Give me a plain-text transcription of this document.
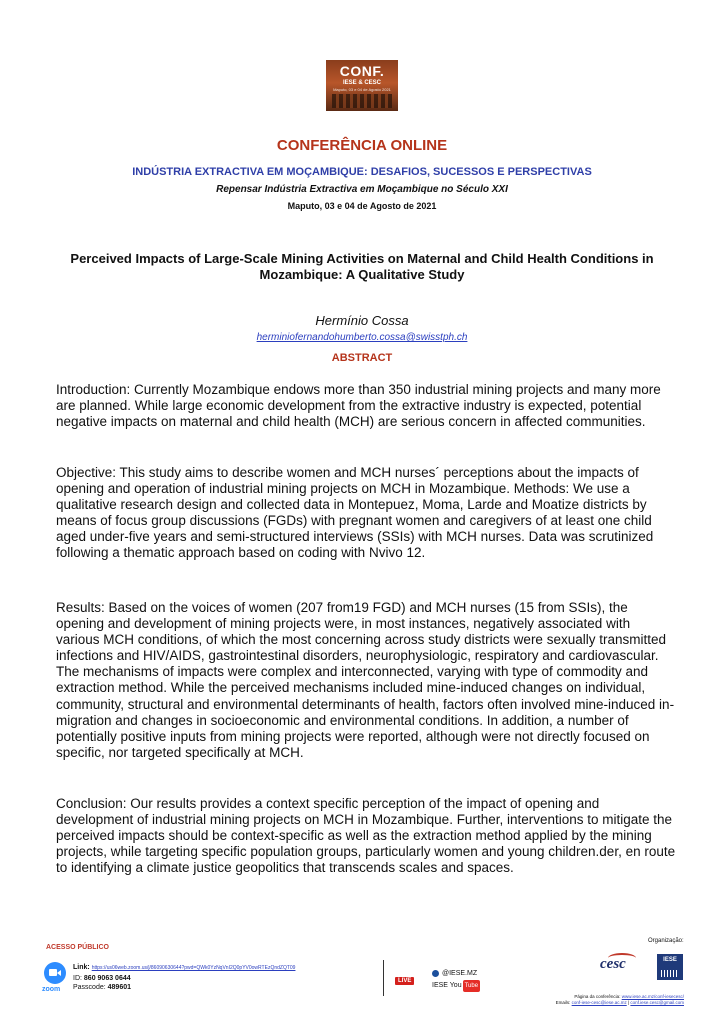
CONF.
IESE & CESC
Maputo, 03 e 04 de Agosto 2021
CONFERÊNCIA ONLINE
INDÚSTRIA EXTRACTIVA EM MOÇAMBIQUE: DESAFIOS, SUCESSOS E PERSPECTIVAS
Repensar Indústria Extractiva em Moçambique no Século XXI
Maputo, 03 e 04 de Agosto de 2021
Perceived Impacts of Large-Scale Mining Activities on Maternal and Child Health Conditions in Mozambique: A Qualitative Study
Hermínio Cossa
herminiofernandohumberto.cossa@swisstph.ch
ABSTRACT
Introduction: Currently Mozambique endows more than 350 industrial mining projects and many more are planned. While large economic development from the extractive industry is expected, potential negative impacts on maternal and child health (MCH) are serious concern in affected communities.
Objective: This study aims to describe women and MCH nurses´ perceptions about the impacts of opening and operation of industrial mining projects on MCH in Mozambique. Methods: We use a qualitative research design and collected data in Montepuez, Moma, Larde and Moatize districts by means of focus group discussions (FGDs) with pregnant women and caregivers of at least one child aged under-five years and semi-structured interviews (SSIs) with MCH nurses. Data was scrutinized following a thematic approach based on coding with Nvivo 12.
Results: Based on the voices of women (207 from19 FGD) and MCH nurses (15 from SSIs), the opening and development of mining projects were, in most instances, negatively associated with various MCH conditions, of which the most concerning across study districts were sexually transmitted infections and HIV/AIDS, gastrointestinal disorders, neurophysiologic, respiratory and cardiovascular. The mechanisms of impacts were complex and interconnected, varying with type of commodity and extraction method. While the perceived mechanisms included mine-induced changes on individual, community, structural and environmental determinants of health, factors often involved mine-induced in-migration and changes in socioeconomic and environmental conditions. In addition, a number of potentially positive inputs from mining projects were reported, although were not directly focused on specific, nor targeted specifically at MCH.
Conclusion: Our results provides a context specific perception of the impact of opening and development of industrial mining projects on MCH in Mozambique. Further, interventions to mitigate the perceived impacts should be context-specific as well as the extraction method applied by the mining projects, while targeting specific population groups, particularly women and young children.der, en route to identifying a climate justice geopolitics that transcends scales and spaces.
ACESSO PÚBLICO
zoom
Link: https://us06web.zoom.us/j/86090630644?pwd=QWk0YzNqVnI2Q0pYV0owRTEzQndZQT09
ID: 860 9063 0644
Passcode: 489601
LIVE
@IESE.MZ
IESE You Tube
Organização:
cesc	IESE
Página da conferência: www.iese.ac.mz/conf-iesecesc/
Emails: conf-iese-cesc@iese.ac.mz | conf.iese.cesc@gmail.com
